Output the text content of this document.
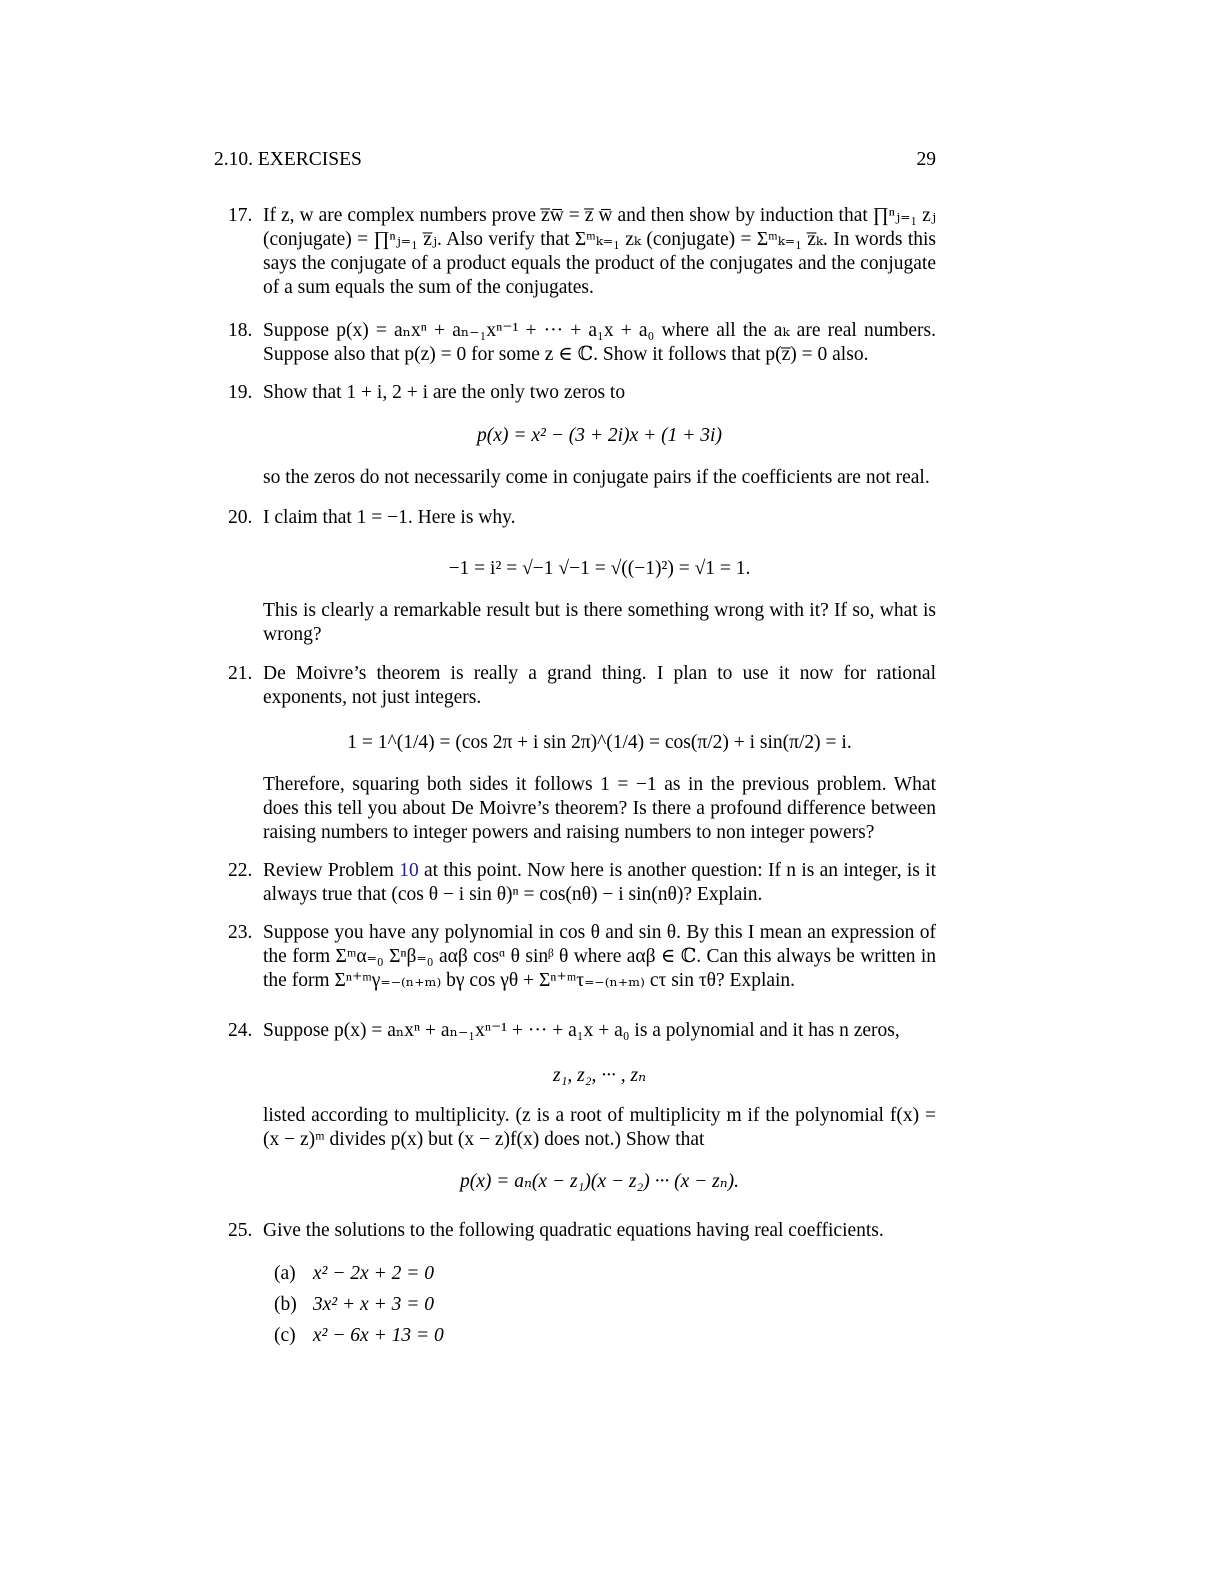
2.10. EXERCISES	29
17. If z, w are complex numbers prove z̅w̅ = z̅ w̅ and then show by induction that ∏ⁿⱼ₌₁ zⱼ (conjugate) = ∏ⁿⱼ₌₁ z̅ⱼ. Also verify that Σᵐₖ₌₁ zₖ (conjugate) = Σᵐₖ₌₁ z̅ₖ. In words this says the conjugate of a product equals the product of the conjugates and the conjugate of a sum equals the sum of the conjugates.

18. Suppose p(x) = aₙxⁿ + aₙ₋₁xⁿ⁻¹ + ··· + a₁x + a₀ where all the aₖ are real numbers. Suppose also that p(z) = 0 for some z ∈ ℂ. Show it follows that p(z̅) = 0 also.

19. Show that 1 + i, 2 + i are the only two zeros to

p(x) = x² − (3 + 2i)x + (1 + 3i)

so the zeros do not necessarily come in conjugate pairs if the coefficients are not real.

20. I claim that 1 = −1. Here is why.

−1 = i² = √−1 √−1 = √((−1)²) = √1 = 1.

This is clearly a remarkable result but is there something wrong with it? If so, what is wrong?

21. De Moivre’s theorem is really a grand thing. I plan to use it now for rational exponents, not just integers.

1 = 1^(1/4) = (cos 2π + i sin 2π)^(1/4) = cos(π/2) + i sin(π/2) = i.

Therefore, squaring both sides it follows 1 = −1 as in the previous problem. What does this tell you about De Moivre’s theorem? Is there a profound difference between raising numbers to integer powers and raising numbers to non integer powers?

22. Review Problem 10 at this point. Now here is another question: If n is an integer, is it always true that (cos θ − i sin θ)ⁿ = cos(nθ) − i sin(nθ)? Explain.

23. Suppose you have any polynomial in cos θ and sin θ. By this I mean an expression of the form Σᵐα₌₀ Σⁿβ₌₀ aαβ cosᵅ θ sinᵝ θ where aαβ ∈ ℂ. Can this always be written in the form Σⁿ⁺ᵐγ₌₋₍ₙ₊ₘ₎ bγ cos γθ + Σⁿ⁺ᵐτ₌₋₍ₙ₊ₘ₎ cτ sin τθ? Explain.

24. Suppose p(x) = aₙxⁿ + aₙ₋₁xⁿ⁻¹ + ··· + a₁x + a₀ is a polynomial and it has n zeros,

z₁, z₂, ··· , zₙ

listed according to multiplicity. (z is a root of multiplicity m if the polynomial f(x) = (x − z)ᵐ divides p(x) but (x − z)f(x) does not.) Show that

p(x) = aₙ(x − z₁)(x − z₂) ··· (x − zₙ).
25. Give the solutions to the following quadratic equations having real coefficients.

(a) x² − 2x + 2 = 0
(b) 3x² + x + 3 = 0
(c) x² − 6x + 13 = 0
